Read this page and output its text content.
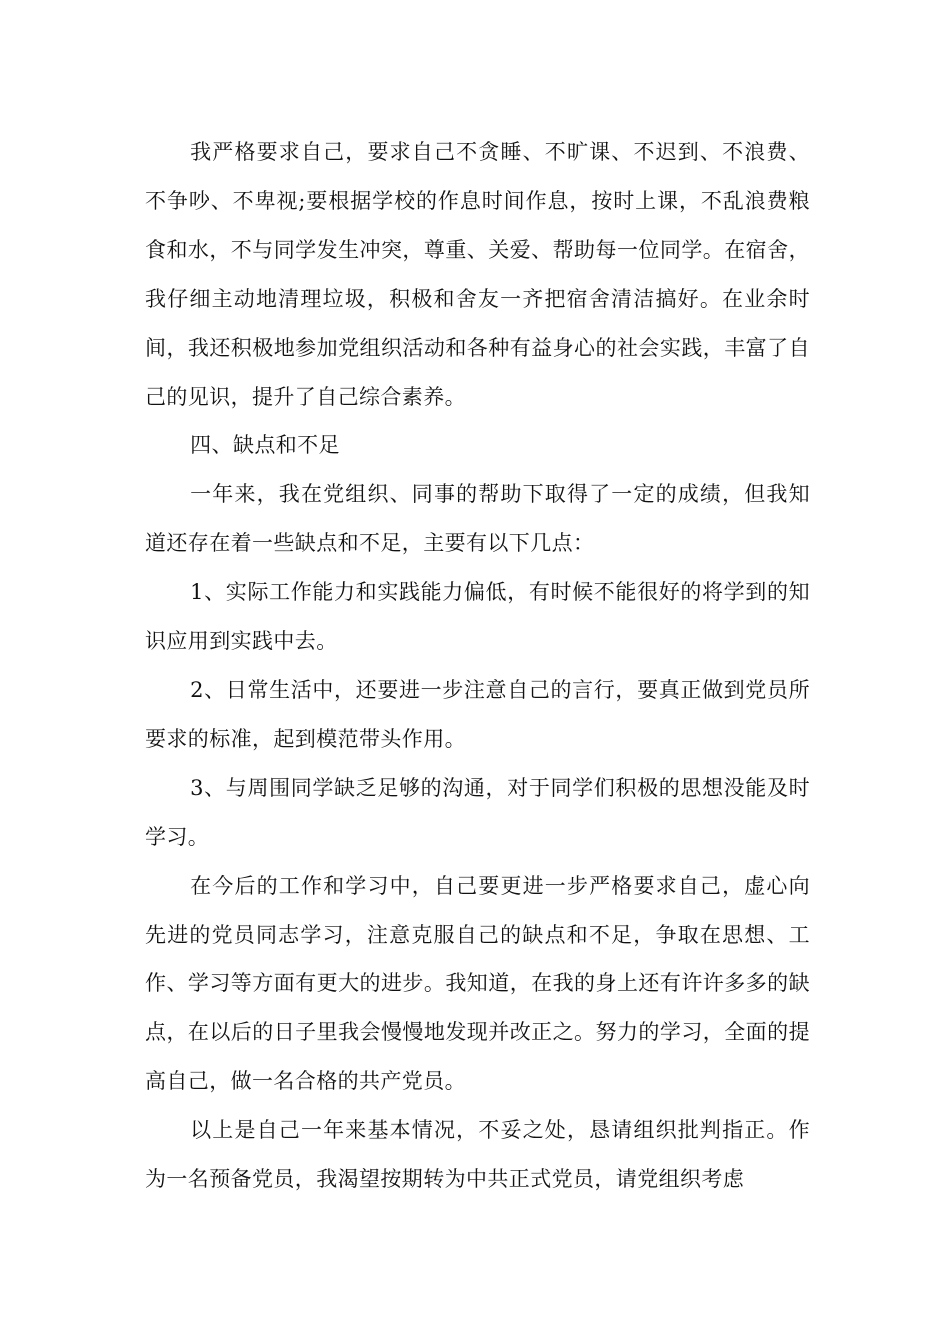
我严格要求自己，要求自己不贪睡、不旷课、不迟到、不浪费、不争吵、不卑视;要根据学校的作息时间作息，按时上课，不乱浪费粮食和水，不与同学发生冲突，尊重、关爱、帮助每一位同学。在宿舍，我仔细主动地清理垃圾，积极和舍友一齐把宿舍清洁搞好。在业余时间，我还积极地参加党组织活动和各种有益身心的社会实践，丰富了自己的见识，提升了自己综合素养。

四、缺点和不足

一年来，我在党组织、同事的帮助下取得了一定的成绩，但我知道还存在着一些缺点和不足，主要有以下几点：

1、实际工作能力和实践能力偏低，有时候不能很好的将学到的知识应用到实践中去。

2、日常生活中，还要进一步注意自己的言行，要真正做到党员所要求的标准，起到模范带头作用。

3、与周围同学缺乏足够的沟通，对于同学们积极的思想没能及时学习。

在今后的工作和学习中，自己要更进一步严格要求自己，虚心向先进的党员同志学习，注意克服自己的缺点和不足，争取在思想、工作、学习等方面有更大的进步。我知道，在我的身上还有许许多多的缺点，在以后的日子里我会慢慢地发现并改正之。努力的学习，全面的提高自己，做一名合格的共产党员。

以上是自己一年来基本情况，不妥之处，恳请组织批判指正。作为一名预备党员，我渴望按期转为中共正式党员，请党组织考虑
